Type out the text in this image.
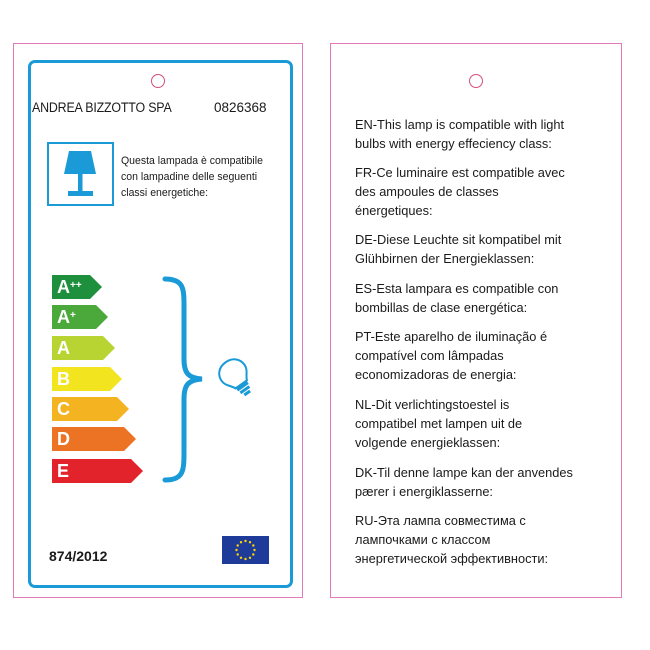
ANDREA BIZZOTTO SPA	0826368
Questa lampada è compatibile
con lampadine delle seguenti
classi energetiche:
A++
A+
A
B
C
D
E
874/2012
EN-This lamp is compatible with light
bulbs with energy effeciency class:
FR-Ce luminaire est compatible avec
des ampoules de classes
énergetiques:
DE-Diese Leuchte sit kompatibel mit
Glühbirnen der Energieklassen:
ES-Esta lampara es compatible con
bombillas de clase energética:
PT-Este aparelho de iluminação é
compatível com lâmpadas
economizadoras de energia:
NL-Dit verlichtingstoestel is
compatibel met lampen uit de
volgende energieklassen:
DK-Til denne lampe kan der anvendes
pærer i energiklasserne:
RU-Эта лампа совместима с
лампочками с классом
энергетической эффективности:
